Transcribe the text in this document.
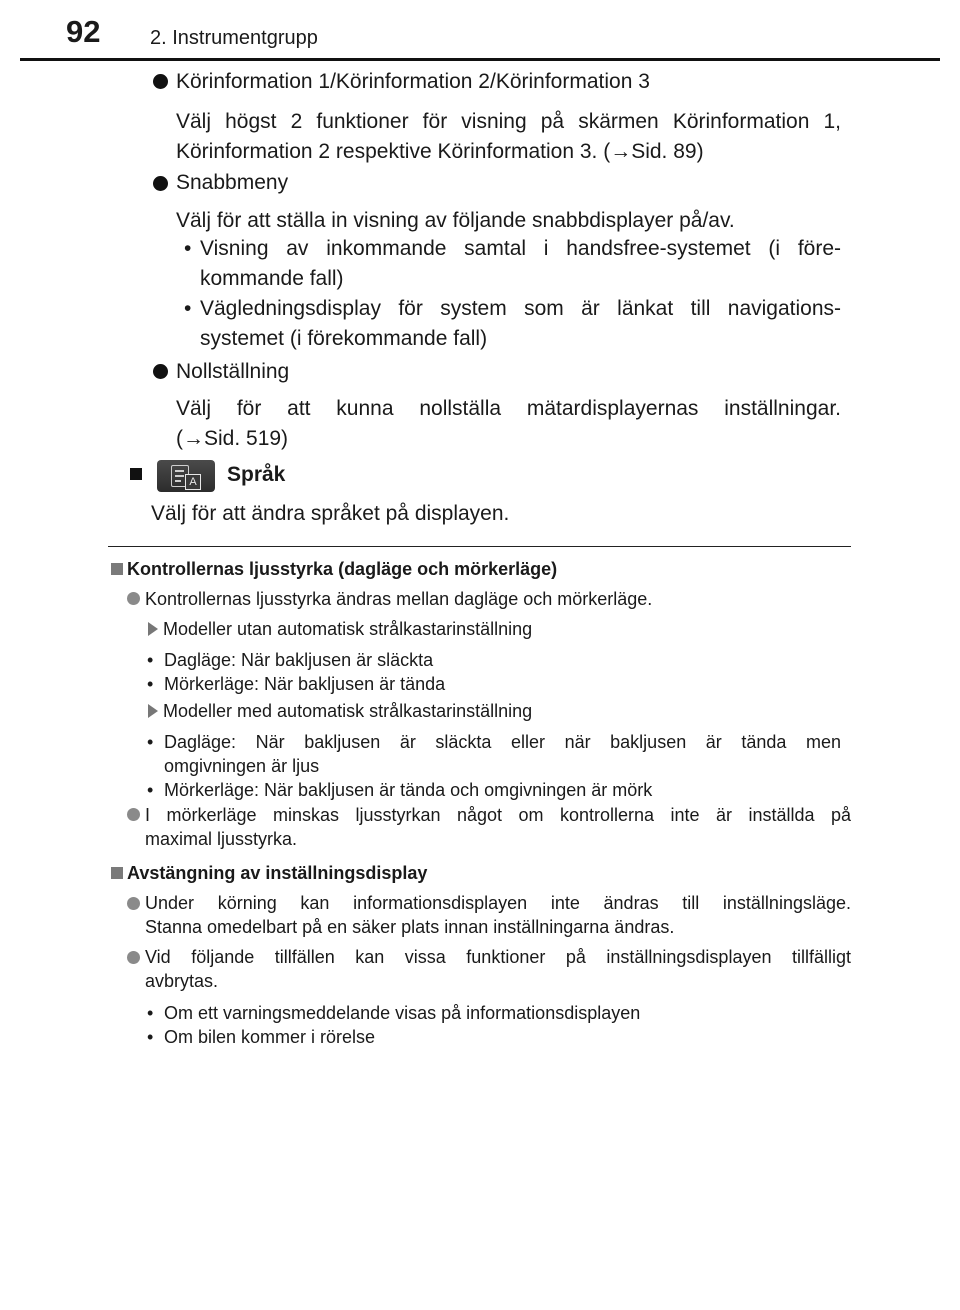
92 2. Instrumentgrupp
Körinformation 1/Körinformation 2/Körinformation 3
Välj högst 2 funktioner för visning på skärmen Körinformation 1,
Körinformation 2 respektive Körinformation 3. (→Sid. 89)
Snabbmeny
Välj för att ställa in visning av följande snabbdisplayer på/av.
• Visning av inkommande samtal i handsfree-systemet (i före-
kommande fall)
• Vägledningsdisplay för system som är länkat till navigations-
systemet (i förekommande fall)
Nollställning
Välj för att kunna nollställa mätardisplayernas inställningar.
(→Sid. 519)
A Språk
Välj för att ändra språket på displayen.
Kontrollernas ljusstyrka (dagläge och mörkerläge)
Kontrollernas ljusstyrka ändras mellan dagläge och mörkerläge.
Modeller utan automatisk strålkastarinställning
• Dagläge: När bakljusen är släckta
• Mörkerläge: När bakljusen är tända
Modeller med automatisk strålkastarinställning
• Dagläge: När bakljusen är släckta eller när bakljusen är tända men
omgivningen är ljus
• Mörkerläge: När bakljusen är tända och omgivningen är mörk
I mörkerläge minskas ljusstyrkan något om kontrollerna inte är inställda på
maximal ljusstyrka.
Avstängning av inställningsdisplay
Under körning kan informationsdisplayen inte ändras till inställningsläge.
Stanna omedelbart på en säker plats innan inställningarna ändras.
Vid följande tillfällen kan vissa funktioner på inställningsdisplayen tillfälligt
avbrytas.
• Om ett varningsmeddelande visas på informationsdisplayen
• Om bilen kommer i rörelse
